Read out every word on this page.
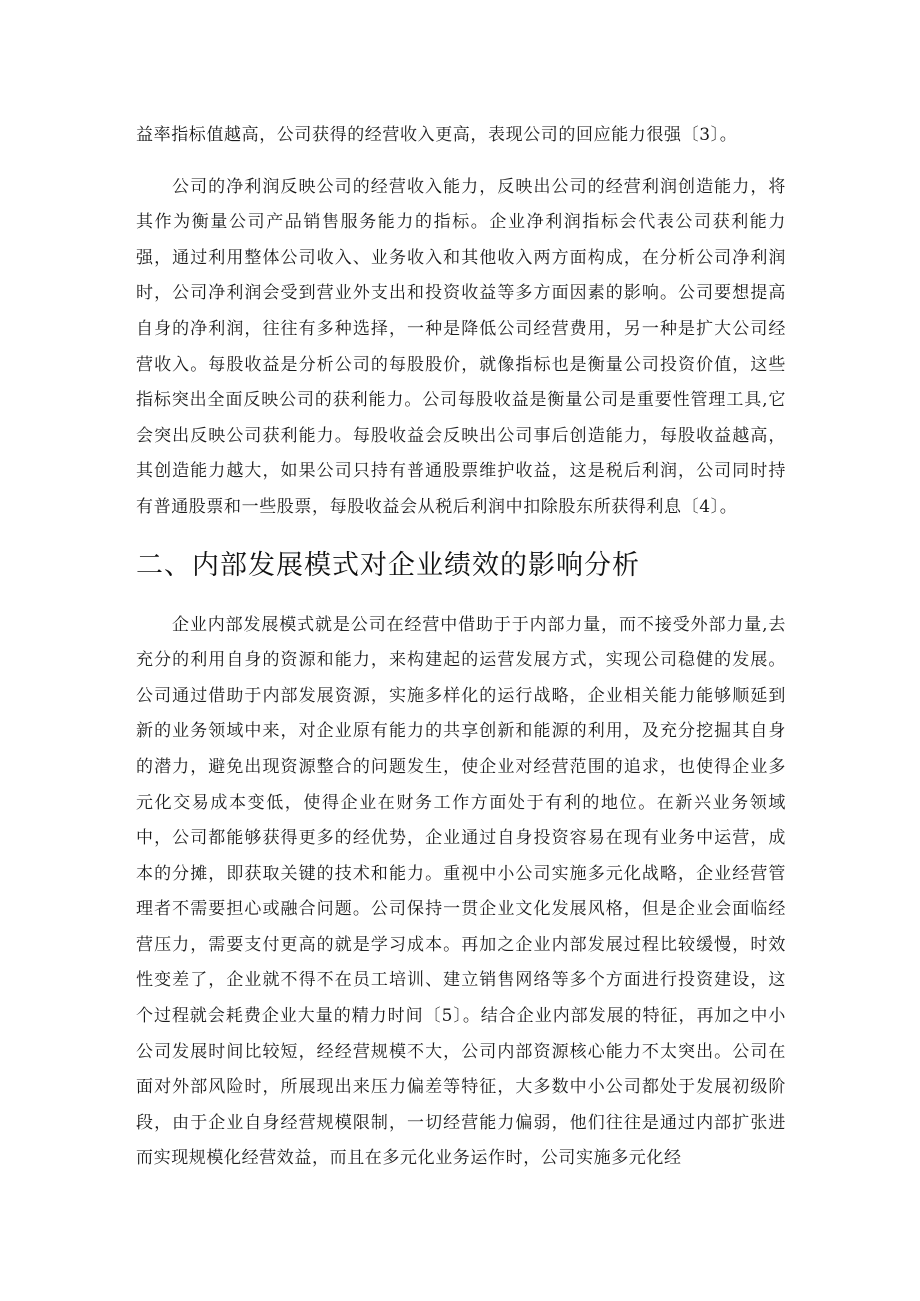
益率指标值越高，公司获得的经营收入更高，表现公司的回应能力很强〔3〕。

公司的净利润反映公司的经营收入能力，反映出公司的经营利润创造能力，将其作为衡量公司产品销售服务能力的指标。企业净利润指标会代表公司获利能力强，通过利用整体公司收入、业务收入和其他收入两方面构成，在分析公司净利润时，公司净利润会受到营业外支出和投资收益等多方面因素的影响。公司要想提高自身的净利润，往往有多种选择，一种是降低公司经营费用，另一种是扩大公司经营收入。每股收益是分析公司的每股股价，就像指标也是衡量公司投资价值，这些指标突出全面反映公司的获利能力。公司每股收益是衡量公司是重要性管理工具,它会突出反映公司获利能力。每股收益会反映出公司事后创造能力，每股收益越高，其创造能力越大，如果公司只持有普通股票维护收益，这是税后利润，公司同时持有普通股票和一些股票，每股收益会从税后利润中扣除股东所获得利息〔4〕。

二、内部发展模式对企业绩效的影响分析

企业内部发展模式就是公司在经营中借助于于内部力量，而不接受外部力量,去充分的利用自身的资源和能力，来构建起的运营发展方式，实现公司稳健的发展。公司通过借助于内部发展资源，实施多样化的运行战略，企业相关能力能够顺延到新的业务领域中来，对企业原有能力的共享创新和能源的利用，及充分挖掘其自身的潜力，避免出现资源整合的问题发生，使企业对经营范围的追求，也使得企业多元化交易成本变低，使得企业在财务工作方面处于有利的地位。在新兴业务领域中，公司都能够获得更多的经优势，企业通过自身投资容易在现有业务中运营，成本的分摊，即获取关键的技术和能力。重视中小公司实施多元化战略，企业经营管理者不需要担心或融合问题。公司保持一贯企业文化发展风格，但是企业会面临经营压力，需要支付更高的就是学习成本。再加之企业内部发展过程比较缓慢，时效性变差了，企业就不得不在员工培训、建立销售网络等多个方面进行投资建设，这个过程就会耗费企业大量的精力时间〔5〕。结合企业内部发展的特征，再加之中小公司发展时间比较短，经经营规模不大，公司内部资源核心能力不太突出。公司在面对外部风险时，所展现出来压力偏差等特征，大多数中小公司都处于发展初级阶段，由于企业自身经营规模限制，一切经营能力偏弱，他们往往是通过内部扩张进而实现规模化经营效益，而且在多元化业务运作时，公司实施多元化经
